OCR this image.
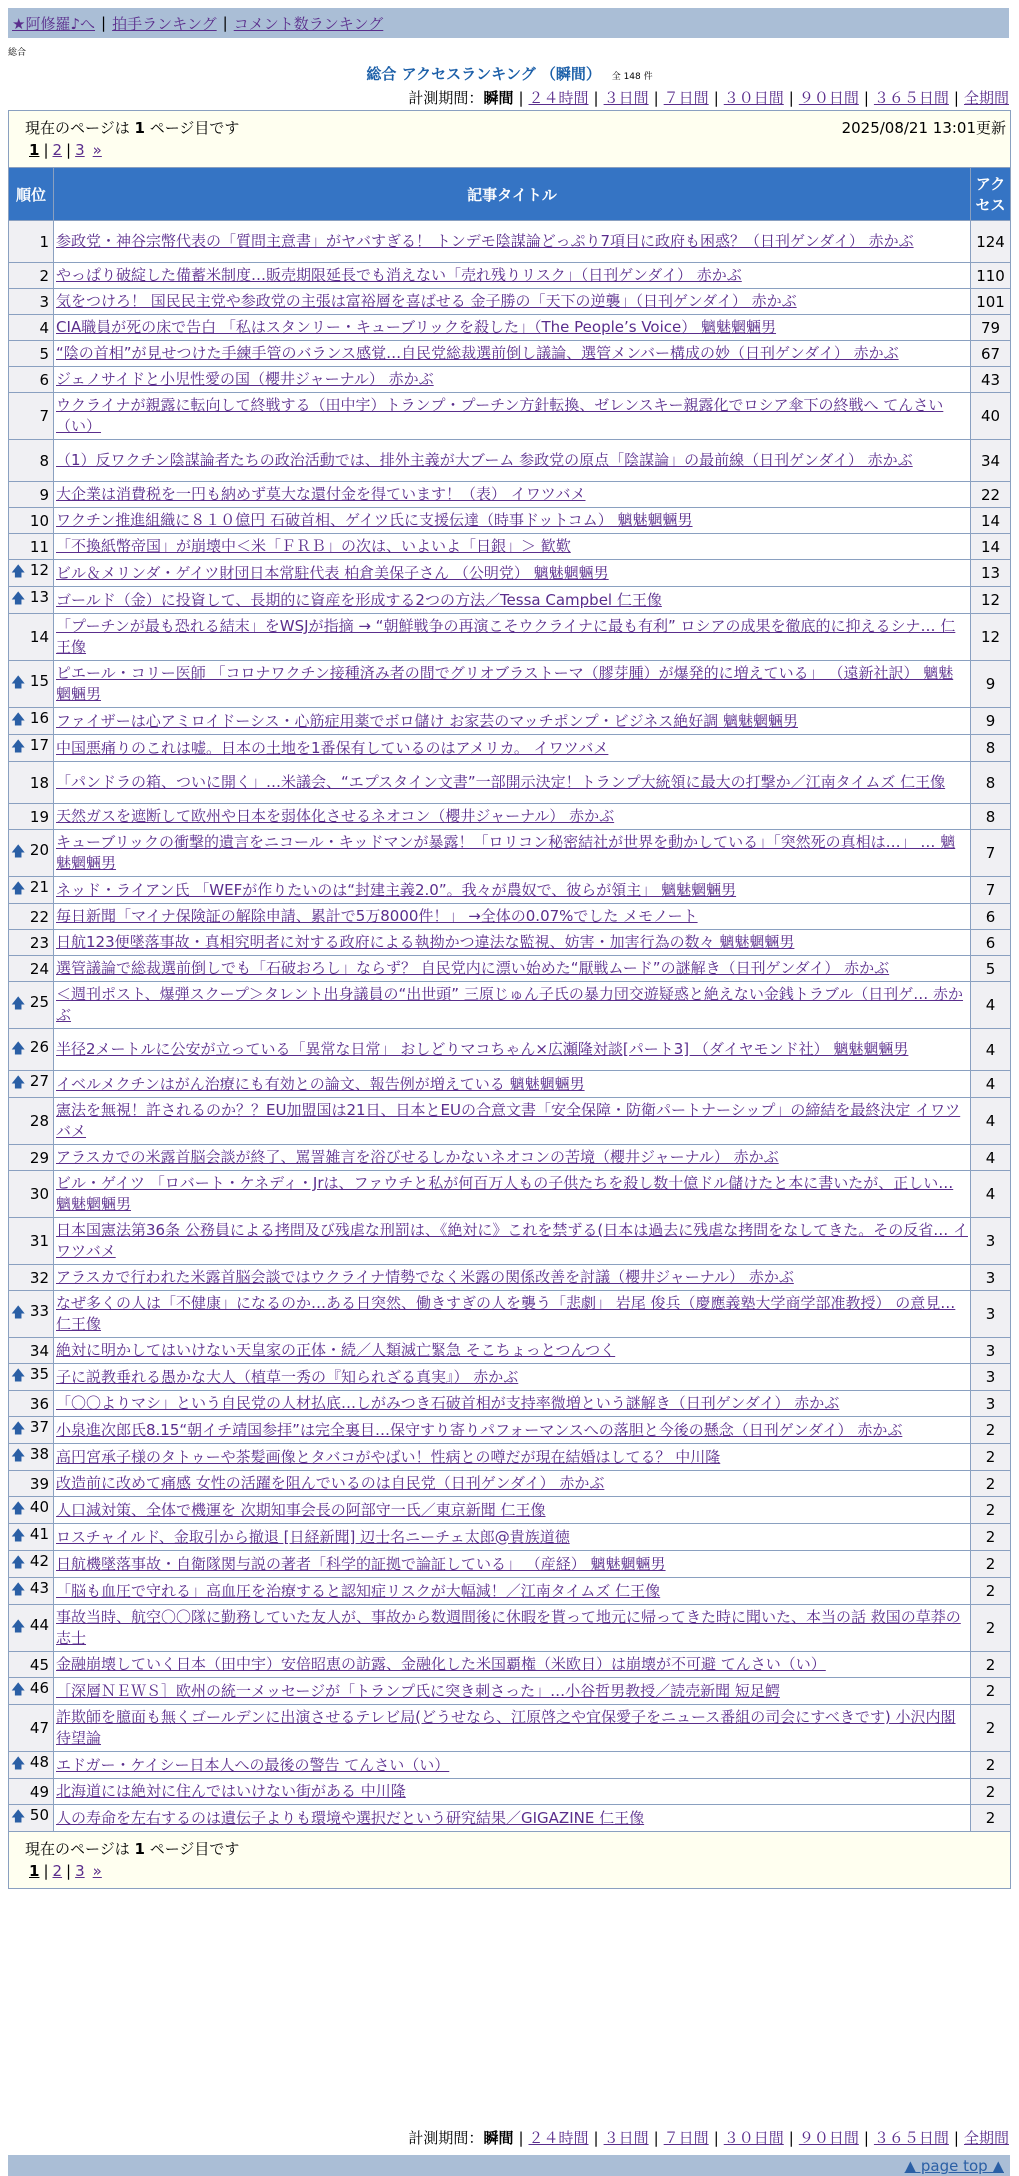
★阿修羅♪へ | 拍手ランキング | コメント数ランキング
総合
総合 アクセスランキング （瞬間） 全 148 件
計測期間：瞬間 | ２４時間 | ３日間 | ７日間 | ３０日間 | ９０日間 | ３６５日間 | 全期間
現在のページは 1 ページ目です 2025/08/21 13:01更新
1 | 2 | 3 »		

順位	記事タイトル	アクセス
1	参政党・神谷宗幣代表の「質問主意書」がヤバすぎる！ トンデモ陰謀論どっぷり7項目に政府も困惑？（日刊ゲンダイ） 赤かぶ	124
2	やっぱり破綻した備蓄米制度…販売期限延長でも消えない「売れ残りリスク」（日刊ゲンダイ） 赤かぶ	110
3	気をつけろ！ 国民民主党や参政党の主張は富裕層を喜ばせる 金子勝の「天下の逆襲」（日刊ゲンダイ） 赤かぶ	101
4	CIA職員が死の床で告白 「私はスタンリー・キューブリックを殺した」（The People’s Voice） 魑魅魍魎男	79
5	“陰の首相”が見せつけた手練手管のバランス感覚…自民党総裁選前倒し議論、選管メンバー構成の妙（日刊ゲンダイ） 赤かぶ	67
6	ジェノサイドと小児性愛の国（櫻井ジャーナル） 赤かぶ	43
7	ウクライナが親露に転向して終戦する（田中宇）トランプ・プーチン方針転換、ゼレンスキー親露化でロシア傘下の終戦へ てんさい（い）	40
8	（1）反ワクチン陰謀論者たちの政治活動では、排外主義が大ブーム 参政党の原点「陰謀論」の最前線（日刊ゲンダイ） 赤かぶ	34
9	大企業は消費税を一円も納めず莫大な還付金を得ています！（表） イワツバメ	22
10	ワクチン推進組織に８１０億円 石破首相、ゲイツ氏に支援伝達（時事ドットコム） 魑魅魍魎男	14
11	「不換紙幣帝国」が崩壊中＜米「ＦＲＢ」の次は、いよいよ「日銀」＞ 歓歎	14

🡅 12	ビル＆メリンダ・ゲイツ財団日本常駐代表 柏倉美保子さん （公明党） 魑魅魍魎男	13

🡅 13	ゴールド（金）に投資して、長期的に資産を形成する2つの方法／Tessa Campbel 仁王像	12
14	「プーチンが最も恐れる結末」をWSJが指摘 → “朝鮮戦争の再演こそウクライナに最も有利” ロシアの成果を徹底的に抑えるシナ… 仁王像	12

🡅 15	ピエール・コリー医師 「コロナワクチン接種済み者の間でグリオブラストーマ（膠芽腫）が爆発的に増えている」 （遠新社訳） 魑魅魍魎男	9

🡅 16	ファイザーは心アミロイドーシス・心筋症用薬でボロ儲け お家芸のマッチポンプ・ビジネス絶好調 魑魅魍魎男	9

🡅 17	中国悪痛りのこれは嘘。日本の土地を1番保有しているのはアメリカ。 イワツバメ	8
18	「パンドラの箱、ついに開く」…米議会、“エプスタイン文書”一部開示決定！トランプ大統領に最大の打撃か／江南タイムズ 仁王像	8
19	天然ガスを遮断して欧州や日本を弱体化させるネオコン（櫻井ジャーナル） 赤かぶ	8

🡅 20	キューブリックの衝撃的遺言をニコール・キッドマンが暴露！「ロリコン秘密結社が世界を動かしている」「突然死の真相は…」 … 魑魅魍魎男	7

🡅 21	ネッド・ライアン氏 「WEFが作りたいのは“封建主義2.0”。我々が農奴で、彼らが領主」 魑魅魍魎男	7
22	毎日新聞「マイナ保険証の解除申請、累計で5万8000件！」 →全体の0.07%でした メモノート	6
23	日航123便墜落事故・真相究明者に対する政府による執拗かつ違法な監視、妨害・加害行為の数々 魑魅魍魎男	6
24	選管議論で総裁選前倒しでも「石破おろし」ならず？ 自民党内に漂い始めた“厭戦ムード”の謎解き（日刊ゲンダイ） 赤かぶ	5

🡅 25	＜週刊ポスト、爆弾スクープ＞タレント出身議員の“出世頭” 三原じゅん子氏の暴力団交遊疑惑と絶えない金銭トラブル（日刊ゲ… 赤かぶ	4

🡅 26	半径2メートルに公安が立っている「異常な日常」 おしどりマコちゃん×広瀬隆対談[パート3] （ダイヤモンド社） 魑魅魍魎男	4

🡅 27	イベルメクチンはがん治療にも有効との論文、報告例が増えている 魑魅魍魎男	4
28	憲法を無視！許されるのか？？EU加盟国は21日、日本とEUの合意文書「安全保障・防衛パートナーシップ」の締結を最終決定 イワツバメ	4
29	アラスカでの米露首脳会談が終了、罵詈雑言を浴びせるしかないネオコンの苦境（櫻井ジャーナル） 赤かぶ	4
30	ビル・ゲイツ 「ロバート・ケネディ・Jrは、ファウチと私が何百万人もの子供たちを殺し数十億ドル儲けたと本に書いたが、正しい… 魑魅魍魎男	4
31	日本国憲法第36条 公務員による拷問及び残虐な刑罰は、《絶対に》これを禁ずる(日本は過去に残虐な拷問をなしてきた。その反省… イワツバメ	3
32	アラスカで行われた米露首脳会談ではウクライナ情勢でなく米露の関係改善を討議（櫻井ジャーナル） 赤かぶ	3

🡅 33	なぜ多くの人は「不健康」になるのか…ある日突然、働きすぎの人を襲う「悲劇」 岩尾 俊兵（慶應義塾大学商学部准教授） の意見… 仁王像	3
34	絶対に明かしてはいけない天皇家の正体・続／人類滅亡緊急 そこちょっとつんつく	3

🡅 35	子に説教垂れる愚かな大人（植草一秀の『知られざる真実』） 赤かぶ	3
36	「〇〇よりマシ」という自民党の人材払底…しがみつき石破首相が支持率微増という謎解き（日刊ゲンダイ） 赤かぶ	3

🡅 37	小泉進次郎氏8.15“朝イチ靖国参拝”は完全裏目…保守すり寄りパフォーマンスへの落胆と今後の懸念（日刊ゲンダイ） 赤かぶ	2

🡅 38	高円宮承子様のタトゥーや茶髪画像とタバコがやばい！性病との噂だが現在結婚はしてる？ 中川隆	2
39	改造前に改めて痛感 女性の活躍を阻んでいるのは自民党（日刊ゲンダイ） 赤かぶ	2

🡅 40	人口減対策、全体で機運を 次期知事会長の阿部守一氏／東京新聞 仁王像	2

🡅 41	ロスチャイルド、金取引から撤退 [日経新聞] 辺士名ニーチェ太郎@貴族道徳	2

🡅 42	日航機墜落事故・自衛隊関与説の著者「科学的証拠で論証している」 （産経） 魑魅魍魎男	2

🡅 43	「脳も血圧で守れる」高血圧を治療すると認知症リスクが大幅減！／江南タイムズ 仁王像	2

🡅 44	事故当時、航空〇〇隊に勤務していた友人が、事故から数週間後に休暇を貰って地元に帰ってきた時に聞いた、本当の話 救国の草莽の志士	2
45	金融崩壊していく日本（田中宇）安倍昭恵の訪露、金融化した米国覇権（米欧日）は崩壊が不可避 てんさい（い）	2

🡅 46	［深層ＮＥＷＳ］欧州の統一メッセージが「トランプ氏に突き刺さった」…小谷哲男教授／読売新聞 短足鰐	2
47	詐欺師を臆面も無くゴールデンに出演させるテレビ局(どうせなら、江原啓之や宜保愛子をニュース番組の司会にすべきです) 小沢内閣待望論	2

🡅 48	エドガー・ケイシー日本人への最後の警告 てんさい（い）	2
49	北海道には絶対に住んではいけない街がある 中川隆	2

🡅 50	人の寿命を左右するのは遺伝子よりも環境や選択だという研究結果／GIGAZINE 仁王像	2

現在のページは 1 ページ目です
1 | 2 | 3 »		
計測期間：瞬間 | ２４時間 | ３日間 | ７日間 | ３０日間 | ９０日間 | ３６５日間 | 全期間
▲ page top ▲
